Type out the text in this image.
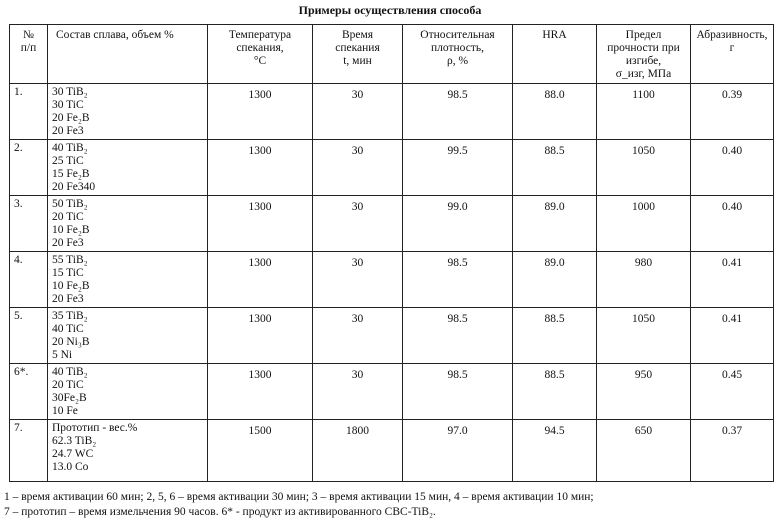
Примеры осуществления способа
№
п/п	Состав сплава, объем %	Температура
спекания,
°C	Время
спекания
t, мин	Относительная
плотность,
ρ, %	HRA	Предел
прочности при
изгибе,
σ_изг, МПа	Абразивность,
г

1.	30 TiB₂
30 TiC
20 Fe₂B
20 Fe3	1300	30	98.5	88.0	1100	0.39
2.	40 TiB₂
25 TiC
15 Fe₂B
20 Fe340	1300	30	99.5	88.5	1050	0.40
3.	50 TiB₂
20 TiC
10 Fe₂B
20 Fe3	1300	30	99.0	89.0	1000	0.40
4.	55 TiB₂
15 TiC
10 Fe₂B
20 Fe3	1300	30	98.5	89.0	980	0.41
5.	35 TiB₂
40 TiC
20 Ni₃B
5 Ni	1300	30	98.5	88.5	1050	0.41
6*.	40 TiB₂
20 TiC
30Fe₂B
10 Fe	1300	30	98.5	88.5	950	0.45
7.	Прототип - вес.%
62.3 TiB₂
24.7 WC
13.0 Co	1500	1800	97.0	94.5	650	0.37
1 – время активации 60 мин; 2, 5, 6 – время активации 30 мин; 3 – время активации 15 мин, 4 – время активации 10 мин;
7 – прототип – время измельчения 90 часов. 6* - продукт из активированного СВС-TiB₂.
